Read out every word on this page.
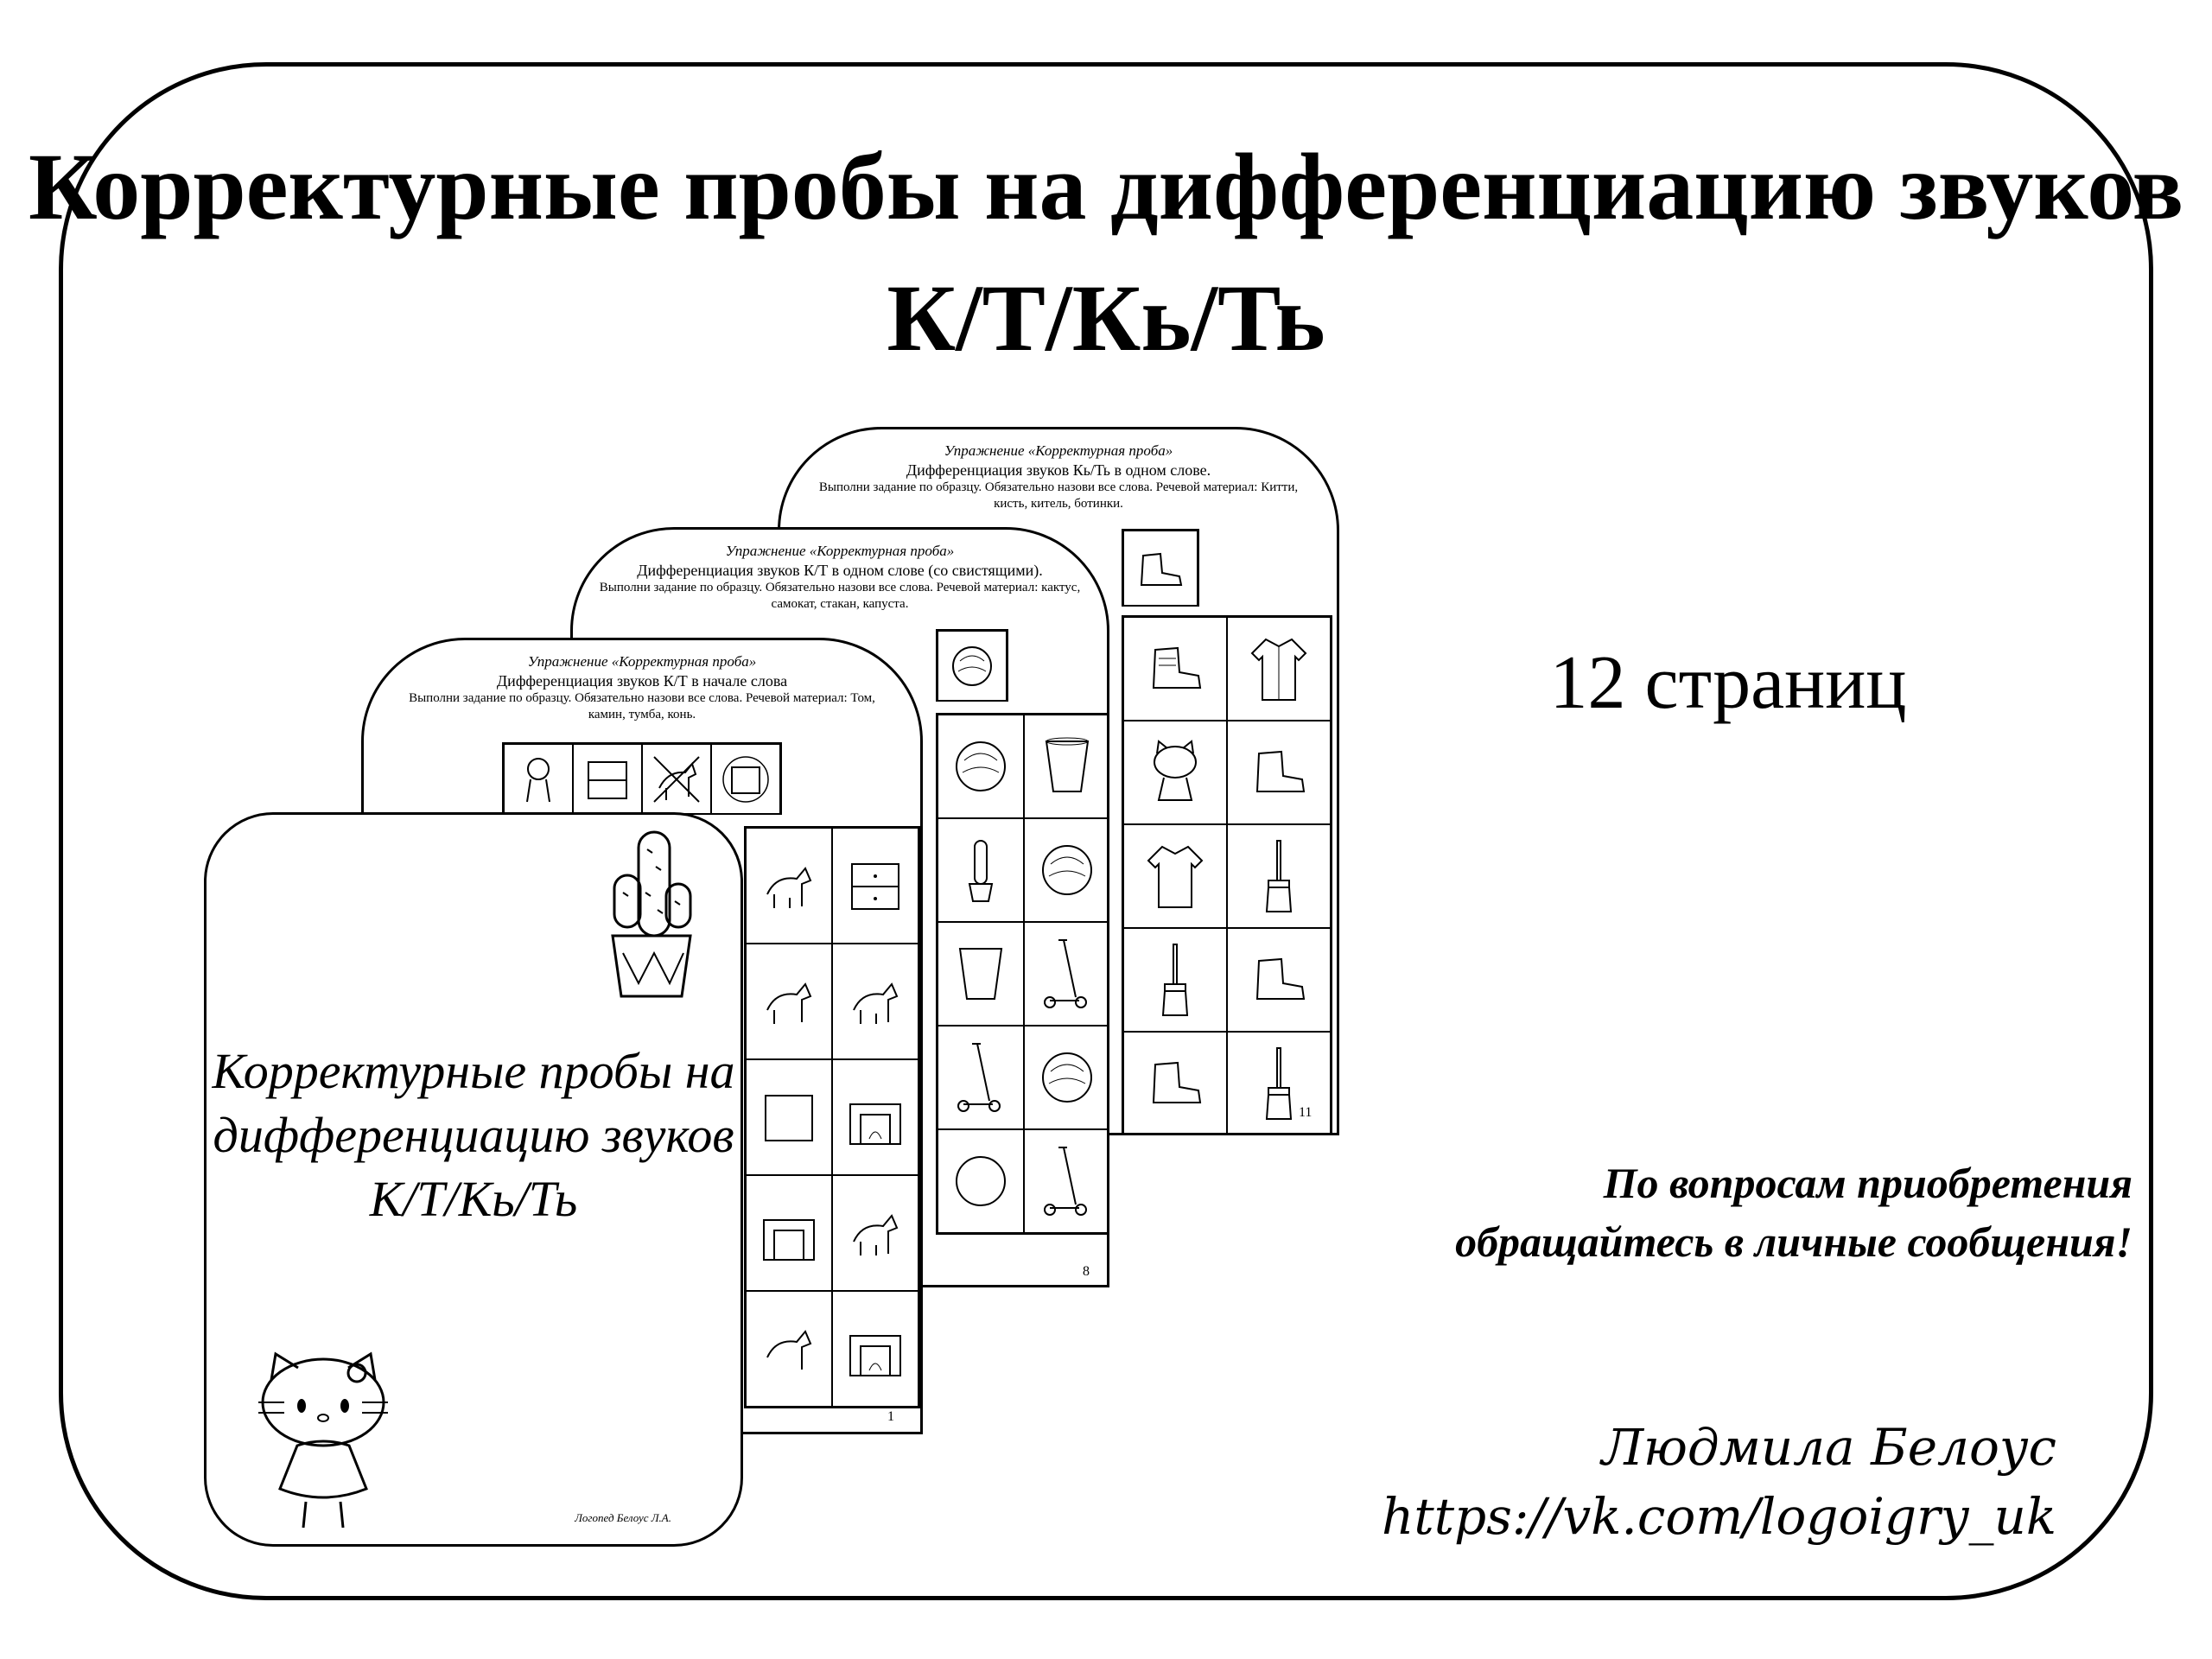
Корректурные пробы на дифференциацию звуков К/Т/Кь/Ть
Упражнение «Корректурная проба»
Дифференциация звуков Кь/Ть в одном слове.
Выполни задание по образцу. Обязательно назови все слова. Речевой материал: Китти, кисть, китель, ботинки.
11
Упражнение «Корректурная проба»
Дифференциация звуков К/Т в одном слове (со свистящими).
Выполни задание по образцу. Обязательно назови все слова. Речевой материал: кактус, самокат, стакан, капуста.
8
Упражнение «Корректурная проба»
Дифференциация звуков К/Т в начале слова
Выполни задание по образцу. Обязательно назови все слова. Речевой материал: Том, камин, тумба, конь.
1
Корректурные пробы на дифференциацию звуков К/Т/Кь/Ть
Логопед Белоус Л.А.
12 страниц
По вопросам приобретения обращайтесь в личные сообщения!
Людмила Белоус
https://vk.com/logoigry_uk
